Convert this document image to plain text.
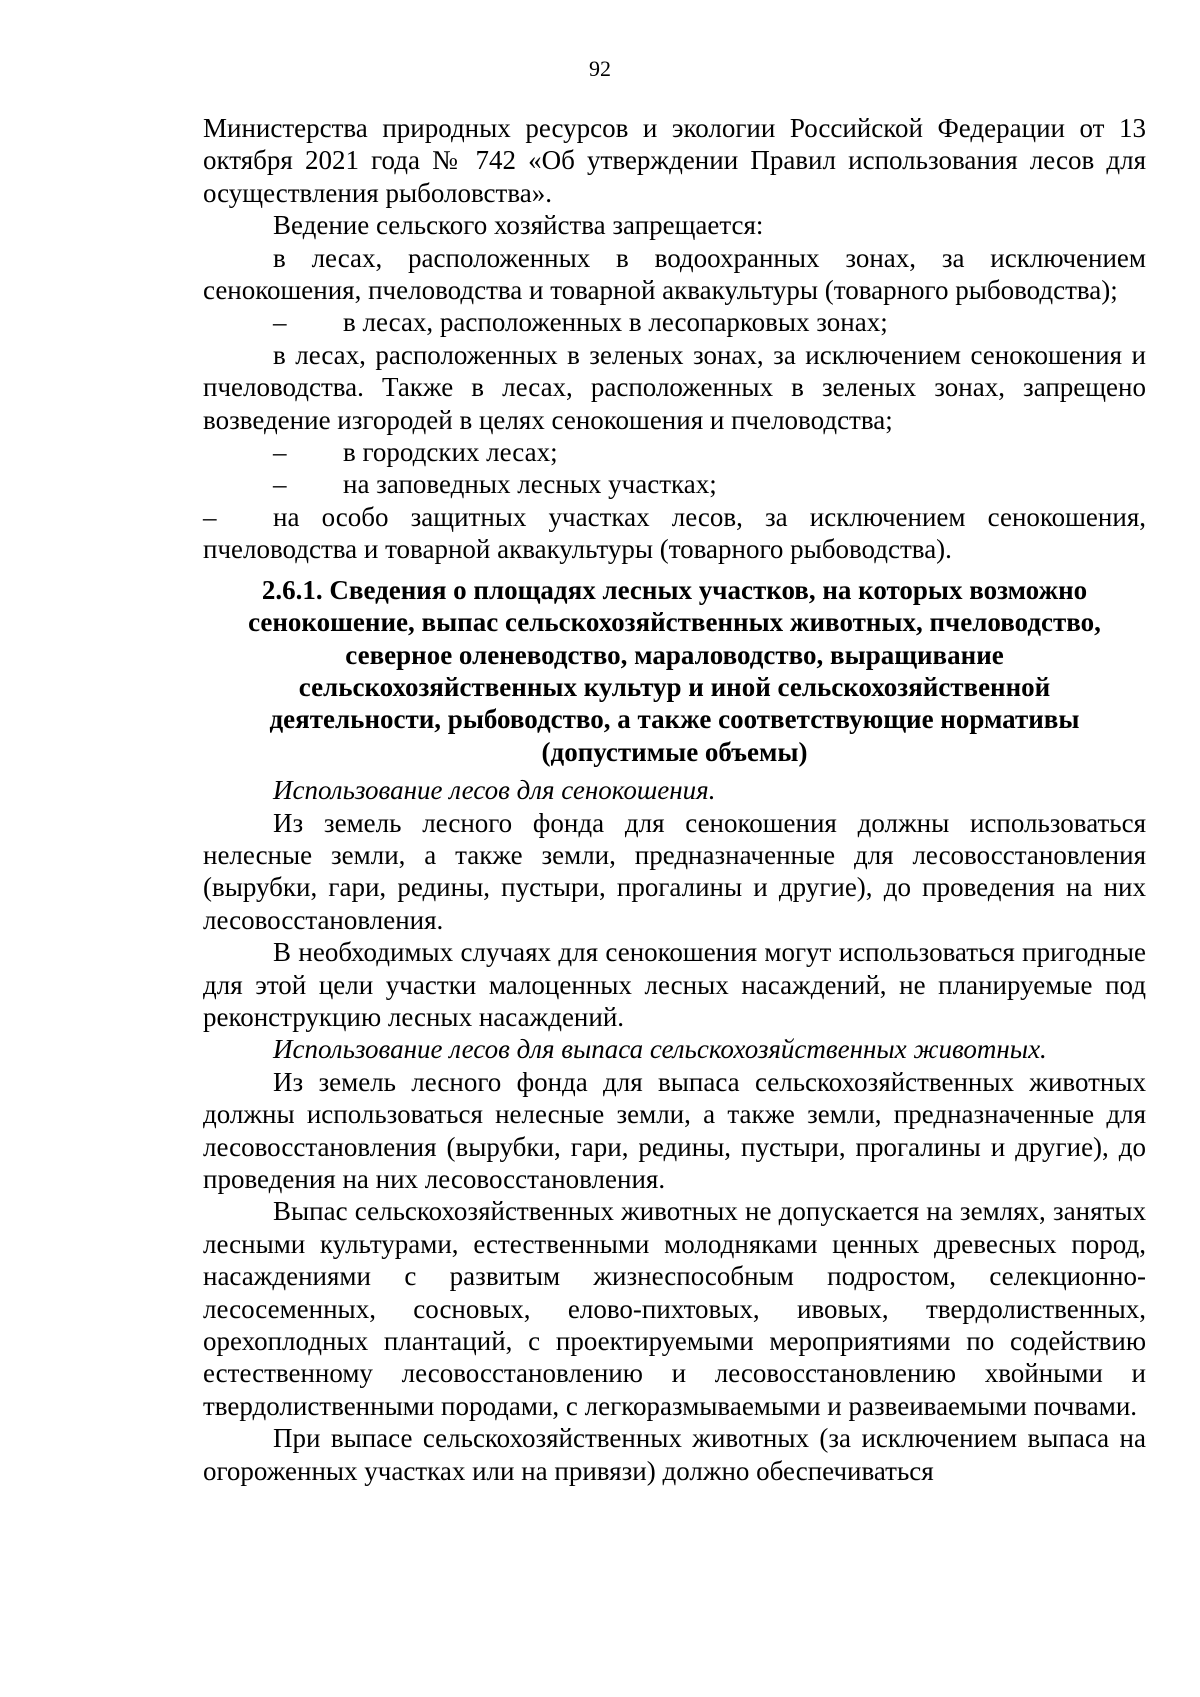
92

Министерства природных ресурсов и экологии Российской Федерации от 13 октября 2021 года № 742 «Об утверждении Правил использования лесов для осуществления рыболовства».

Ведение сельского хозяйства запрещается:

в лесах, расположенных в водоохранных зонах, за исключением сенокошения, пчеловодства и товарной аквакультуры (товарного рыбоводства);

– в лесах, расположенных в лесопарковых зонах;

в лесах, расположенных в зеленых зонах, за исключением сенокошения и пчеловодства. Также в лесах, расположенных в зеленых зонах, запрещено возведение изгородей в целях сенокошения и пчеловодства;

– в городских лесах;

– на заповедных лесных участках;

– на особо защитных участках лесов, за исключением сенокошения, пчеловодства и товарной аквакультуры (товарного рыбоводства).

2.6.1. Сведения о площадях лесных участков, на которых возможно сенокошение, выпас сельскохозяйственных животных, пчеловодство, северное оленеводство, мараловодство, выращивание сельскохозяйственных культур и иной сельскохозяйственной деятельности, рыбоводство, а также соответствующие нормативы (допустимые объемы)

Использование лесов для сенокошения.

Из земель лесного фонда для сенокошения должны использоваться нелесные земли, а также земли, предназначенные для лесовосстановления (вырубки, гари, редины, пустыри, прогалины и другие), до проведения на них лесовосстановления.

В необходимых случаях для сенокошения могут использоваться пригодные для этой цели участки малоценных лесных насаждений, не планируемые под реконструкцию лесных насаждений.

Использование лесов для выпаса сельскохозяйственных животных.

Из земель лесного фонда для выпаса сельскохозяйственных животных должны использоваться нелесные земли, а также земли, предназначенные для лесовосстановления (вырубки, гари, редины, пустыри, прогалины и другие), до проведения на них лесовосстановления.

Выпас сельскохозяйственных животных не допускается на землях, занятых лесными культурами, естественными молодняками ценных древесных пород, насаждениями с развитым жизнеспособным подростом, селекционно-лесосеменных, сосновых, елово-пихтовых, ивовых, твердолиственных, орехоплодных плантаций, с проектируемыми мероприятиями по содействию естественному лесовосстановлению и лесовосстановлению хвойными и твердолиственными породами, с легкоразмываемыми и развеиваемыми почвами.

При выпасе сельскохозяйственных животных (за исключением выпаса на огороженных участках или на привязи) должно обеспечиваться
